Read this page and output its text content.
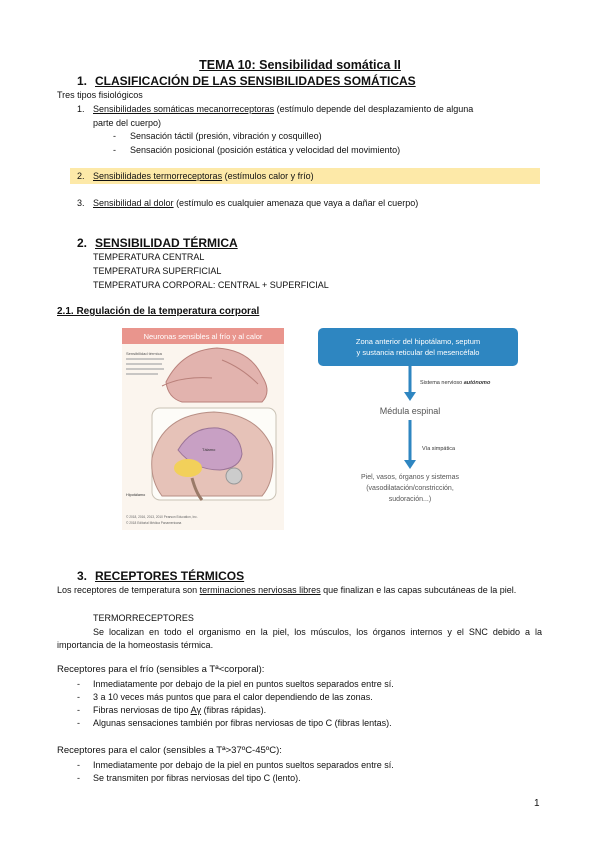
TEMA 10: Sensibilidad somática II
1. CLASIFICACIÓN DE LAS SENSIBILIDADES SOMÁTICAS
Tres tipos fisiológicos
1. Sensibilidades somáticas mecanorreceptoras (estímulo depende del desplazamiento de alguna
parte del cuerpo)
- Sensación táctil (presión, vibración y cosquilleo)
- Sensación posicional (posición estática y velocidad del movimiento)
2. Sensibilidades termorreceptoras (estímulos calor y frío)
3. Sensibilidad al dolor (estímulo es cualquier amenaza que vaya a dañar el cuerpo)
2. SENSIBILIDAD TÉRMICA
TEMPERATURA CENTRAL
TEMPERATURA SUPERFICIAL
TEMPERATURA CORPORAL: CENTRAL + SUPERFICIAL
2.1. Regulación de la temperatura corporal
Neuronas sensibles al frío y al calor
Sensibilidad térmica
Tálamo
Hipotálamo
© 2018, 2016, 2013, 2010 Pearson Education, Inc.
© 2018 Editorial Médica Panamericana
Zona anterior del hipotálamo, septum y sustancia reticular del mesencéfalo
Sistema nervioso autónomo
Médula espinal
Vía simpática
Piel, vasos, órganos y sistemas
(vasodilatación/constricción,
sudoración...)
3. RECEPTORES TÉRMICOS
Los receptores de temperatura son terminaciones nerviosas libres que finalizan e las capas subcutáneas de la piel.
TERMORRECEPTORES
Se localizan en todo el organismo en la piel, los músculos, los órganos internos y el SNC debido a la importancia de la homeostasis térmica.
Receptores para el frío (sensibles a Tª<corporal):
- Inmediatamente por debajo de la piel en puntos sueltos separados entre sí.
- 3 a 10 veces más puntos que para el calor dependiendo de las zonas.
- Fibras nerviosas de tipo Aγ (fibras rápidas).
- Algunas sensaciones también por fibras nerviosas de tipo C (fibras lentas).
Receptores para el calor (sensibles a Tª>37ºC-45ºC):
- Inmediatamente por debajo de la piel en puntos sueltos separados entre sí.
- Se transmiten por fibras nerviosas del tipo C (lento).
1
